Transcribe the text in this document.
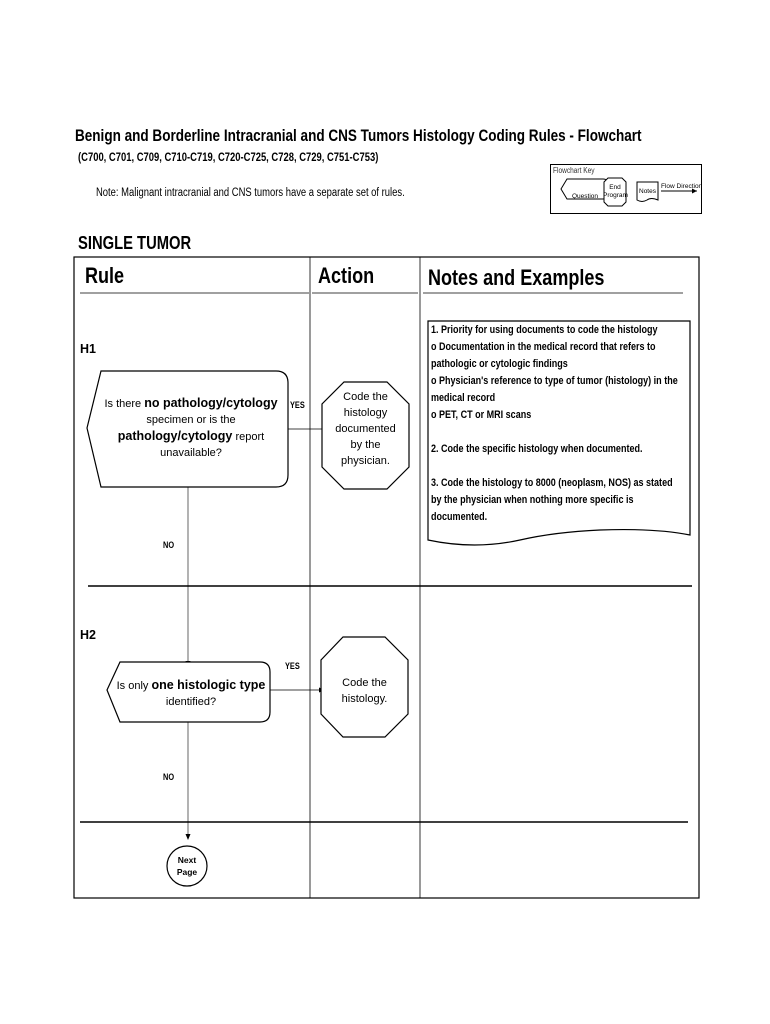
Benign and Borderline Intracranial and CNS Tumors Histology Coding Rules - Flowchart
(C700, C701, C709, C710-C719, C720-C725, C728, C729, C751-C753)
Note: Malignant intracranial and CNS tumors have a separate set of rules.
Flowchart Key
Question
End
Program
Notes
Flow Direction
SINGLE TUMOR
Rule	Action Notes and Examples
H1
Is there no pathology/cytology
specimen or is the
pathology/cytology report
unavailable?
YES
Code the
histology
documented
by the
physician.
1. Priority for using documents to code the histology
o Documentation in the medical record that refers to
pathologic or cytologic findings
o Physician's reference to type of tumor (histology) in the
medical record
o PET, CT or MRI scans
2. Code the specific histology when documented.
3. Code the histology to 8000 (neoplasm, NOS) as stated
by the physician when nothing more specific is
documented.
NO
H2
Is only one histologic type
identified?
YES
Code the
histology.
NO
Next
Page
